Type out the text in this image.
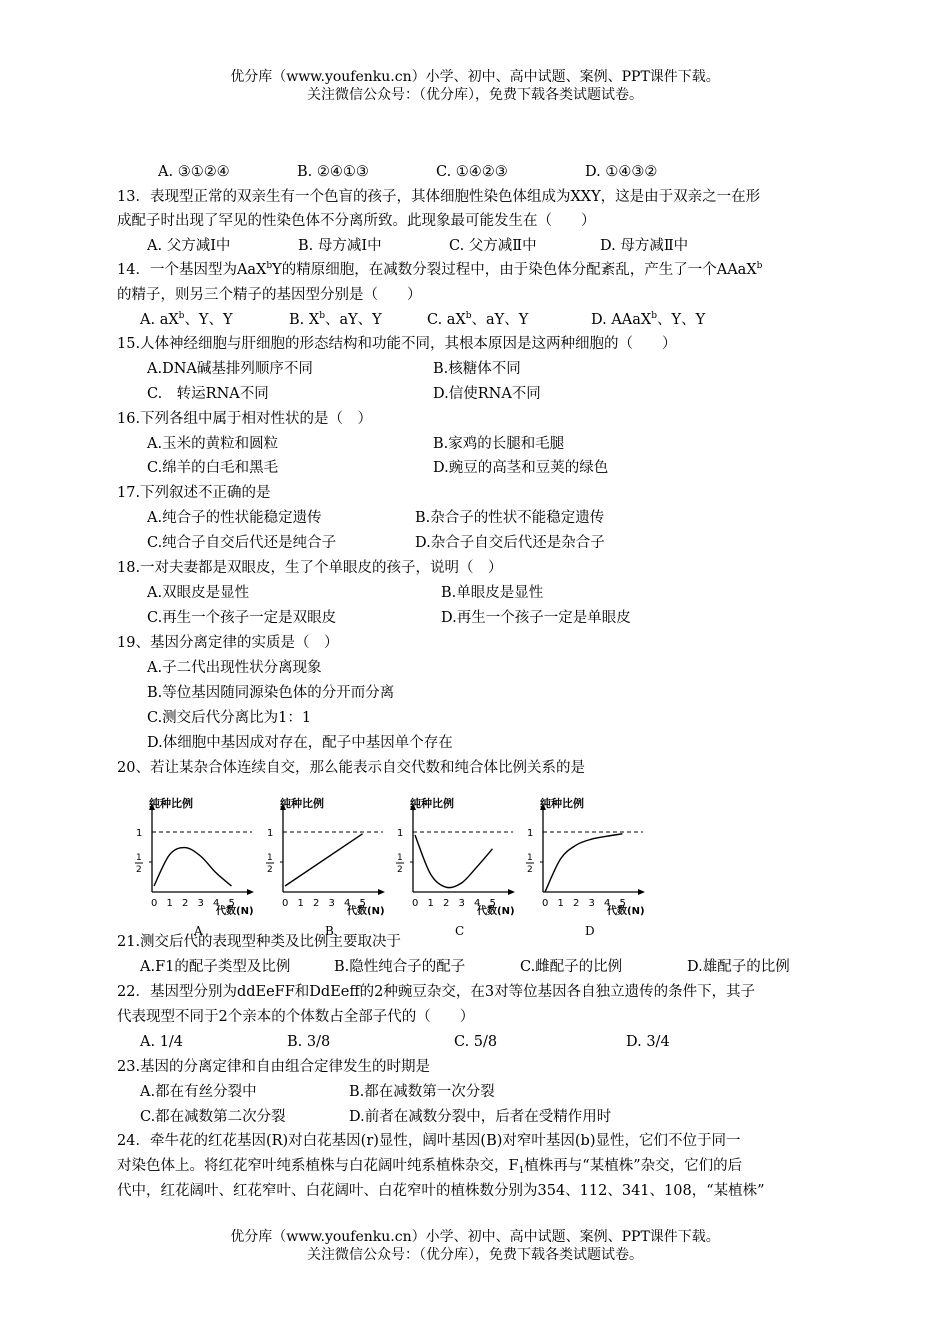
优分库（www.youfenku.cn）小学、初中、高中试题、案例、PPT课件下载。
关注微信公众号：（优分库），免费下载各类试题试卷。
A. ③①②④	B. ②④①③	C. ①④②③	D. ①④③②
13．表现型正常的双亲生有一个色盲的孩子，其体细胞性染色体组成为XXY，这是由于双亲之一在形
成配子时出现了罕见的性染色体不分离所致。此现象最可能发生在（　　）
A. 父方减Ⅰ中	B. 母方减Ⅰ中	C. 父方减Ⅱ中	D. 母方减Ⅱ中
14．一个基因型为AaX$^b$Y的精原细胞，在减数分裂过程中，由于染色体分配紊乱，产生了一个AAaX$^b$
的精子，则另三个精子的基因型分别是（　　）
A. $aX^b$、Y、Y	B. $X^b$、aY、Y	C. $aX^b$、aY、Y	D. AAaX$^b$、Y、Y
15.人体神经细胞与肝细胞的形态结构和功能不同，其根本原因是这两种细胞的（　　）
A.DNA碱基排列顺序不同	B.核糖体不同
C.　转运RNA不同	D.信使RNA不同
16.下列各组中属于相对性状的是（　）
A.玉米的黄粒和圆粒	B.家鸡的长腿和毛腿
C.绵羊的白毛和黑毛	D.豌豆的高茎和豆荚的绿色
17.下列叙述不正确的是
A.纯合子的性状能稳定遗传	B.杂合子的性状不能稳定遗传
C.纯合子自交后代还是纯合子	D.杂合子自交后代还是杂合子
18.一对夫妻都是双眼皮，生了个单眼皮的孩子，说明（　）
A.双眼皮是显性	B.单眼皮是显性
C.再生一个孩子一定是双眼皮	D.再生一个孩子一定是单眼皮
19、基因分离定律的实质是（　）
A.子二代出现性状分离现象
B.等位基因随同源染色体的分开而分离
C.测交后代分离比为1：1
D.体细胞中基因成对存在，配子中基因单个存在
20、若让某杂合体连续自交，那么能表示自交代数和纯合体比例关系的是
纯种比例
1
1
2
0 1 2 3 4 5
代数(N)
A
纯种比例
1
1
2
0 1 2 3 4 5
代数(N)
B
纯种比例
1
1
2
0 1 2 3 4 5
代数(N)
C
纯种比例
1
1
2
0 1 2 3 4 5
代数(N)
D
21.测交后代的表现型种类及比例主要取决于
A.F1的配子类型及比例	B.隐性纯合子的配子	C.雌配子的比例	D.雄配子的比例
22．基因型分别为ddEeFF和DdEeff的2种豌豆杂交，在3对等位基因各自独立遗传的条件下，其子
代表现型不同于2个亲本的个体数占全部子代的（　　）
A. 1/4	B. 3/8	C. 5/8	D. 3/4
23.基因的分离定律和自由组合定律发生的时期是
A.都在有丝分裂中	B.都在减数第一次分裂
C.都在减数第二次分裂	D.前者在减数分裂中，后者在受精作用时
24．牵牛花的红花基因(R)对白花基因(r)显性，阔叶基因(B)对窄叶基因(b)显性，它们不位于同一
对染色体上。将红花窄叶纯系植株与白花阔叶纯系植株杂交，$F_1$植株再与“某植株”杂交，它们的后
代中，红花阔叶、红花窄叶、白花阔叶、白花窄叶的植株数分别为354、112、341、108，“某植株”
优分库（www.youfenku.cn）小学、初中、高中试题、案例、PPT课件下载。
关注微信公众号：（优分库），免费下载各类试题试卷。
